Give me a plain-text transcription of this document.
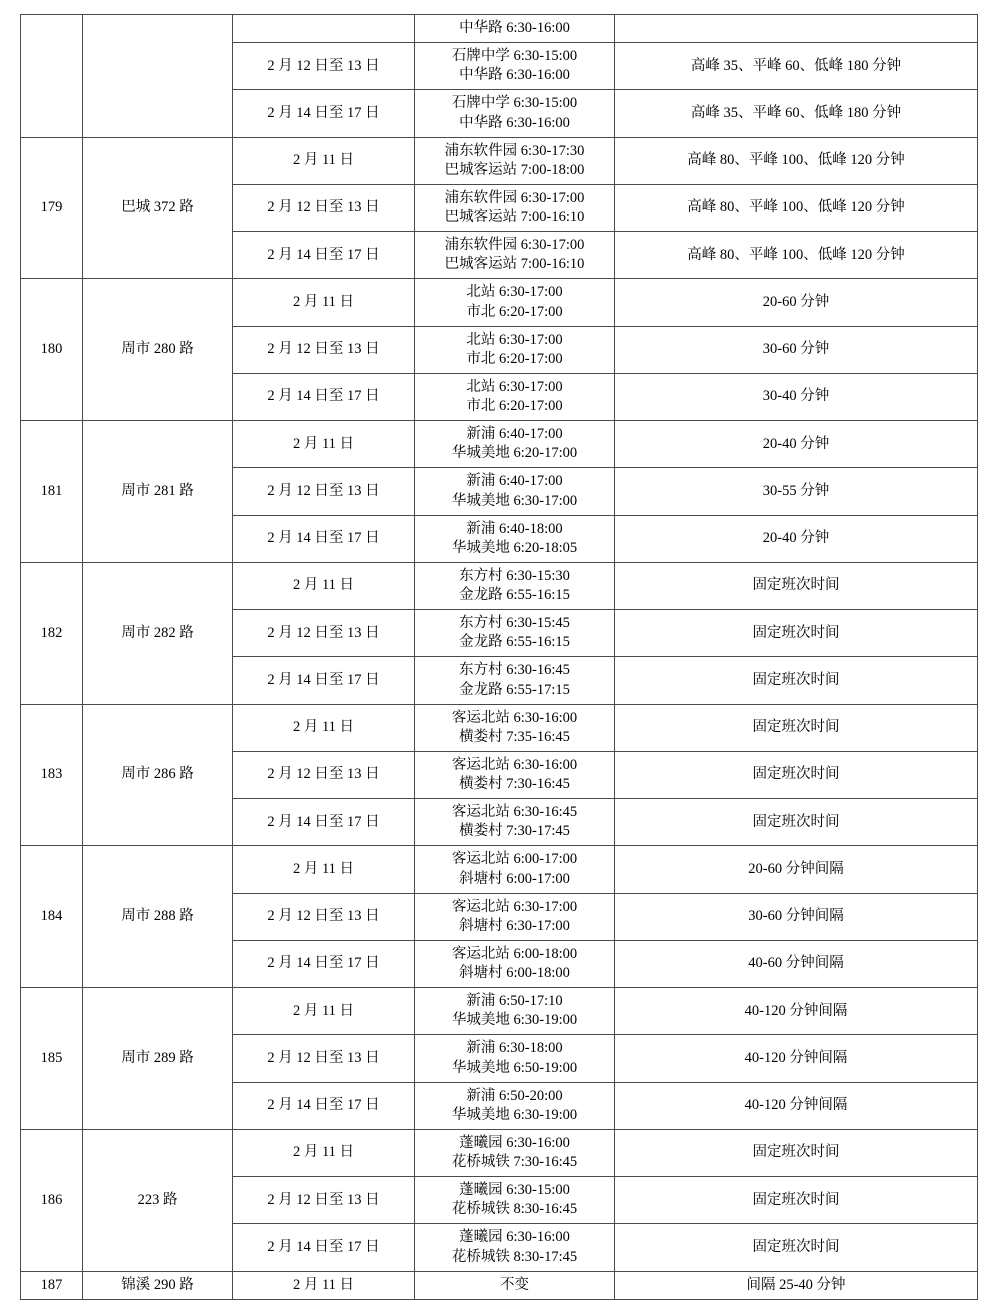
			中华路 6:30-16:00	

		2 月 12 日至 13 日	石牌中学 6:30-15:00
中华路 6:30-16:00	高峰 35、平峰 60、低峰 180 分钟
		2 月 14 日至 17 日	石牌中学 6:30-15:00
中华路 6:30-16:00	高峰 35、平峰 60、低峰 180 分钟
179	巴城 372 路	2 月 11 日	浦东软件园 6:30-17:30
巴城客运站 7:00-18:00	高峰 80、平峰 100、低峰 120 分钟
		2 月 12 日至 13 日	浦东软件园 6:30-17:00
巴城客运站 7:00-16:10	高峰 80、平峰 100、低峰 120 分钟
		2 月 14 日至 17 日	浦东软件园 6:30-17:00
巴城客运站 7:00-16:10	高峰 80、平峰 100、低峰 120 分钟
180	周市 280 路	2 月 11 日	北站 6:30-17:00
市北 6:20-17:00	20-60 分钟
		2 月 12 日至 13 日	北站 6:30-17:00
市北 6:20-17:00	30-60 分钟
		2 月 14 日至 17 日	北站 6:30-17:00
市北 6:20-17:00	30-40 分钟
181	周市 281 路	2 月 11 日	新浦 6:40-17:00
华城美地 6:20-17:00	20-40 分钟
		2 月 12 日至 13 日	新浦 6:40-17:00
华城美地 6:30-17:00	30-55 分钟
		2 月 14 日至 17 日	新浦 6:40-18:00
华城美地 6:20-18:05	20-40 分钟
182	周市 282 路	2 月 11 日	东方村 6:30-15:30
金龙路 6:55-16:15	固定班次时间
		2 月 12 日至 13 日	东方村 6:30-15:45
金龙路 6:55-16:15	固定班次时间
		2 月 14 日至 17 日	东方村 6:30-16:45
金龙路 6:55-17:15	固定班次时间
183	周市 286 路	2 月 11 日	客运北站 6:30-16:00
横娄村 7:35-16:45	固定班次时间
		2 月 12 日至 13 日	客运北站 6:30-16:00
横娄村 7:30-16:45	固定班次时间
		2 月 14 日至 17 日	客运北站 6:30-16:45
横娄村 7:30-17:45	固定班次时间
184	周市 288 路	2 月 11 日	客运北站 6:00-17:00
斜塘村 6:00-17:00	20-60 分钟间隔
		2 月 12 日至 13 日	客运北站 6:30-17:00
斜塘村 6:30-17:00	30-60 分钟间隔
		2 月 14 日至 17 日	客运北站 6:00-18:00
斜塘村 6:00-18:00	40-60 分钟间隔
185	周市 289 路	2 月 11 日	新浦 6:50-17:10
华城美地 6:30-19:00	40-120 分钟间隔
		2 月 12 日至 13 日	新浦 6:30-18:00
华城美地 6:50-19:00	40-120 分钟间隔
		2 月 14 日至 17 日	新浦 6:50-20:00
华城美地 6:30-19:00	40-120 分钟间隔
186	223 路	2 月 11 日	蓬曦园 6:30-16:00
花桥城铁 7:30-16:45	固定班次时间
		2 月 12 日至 13 日	蓬曦园 6:30-15:00
花桥城铁 8:30-16:45	固定班次时间
		2 月 14 日至 17 日	蓬曦园 6:30-16:00
花桥城铁 8:30-17:45	固定班次时间
187	锦溪 290 路	2 月 11 日	不变	间隔 25-40 分钟
